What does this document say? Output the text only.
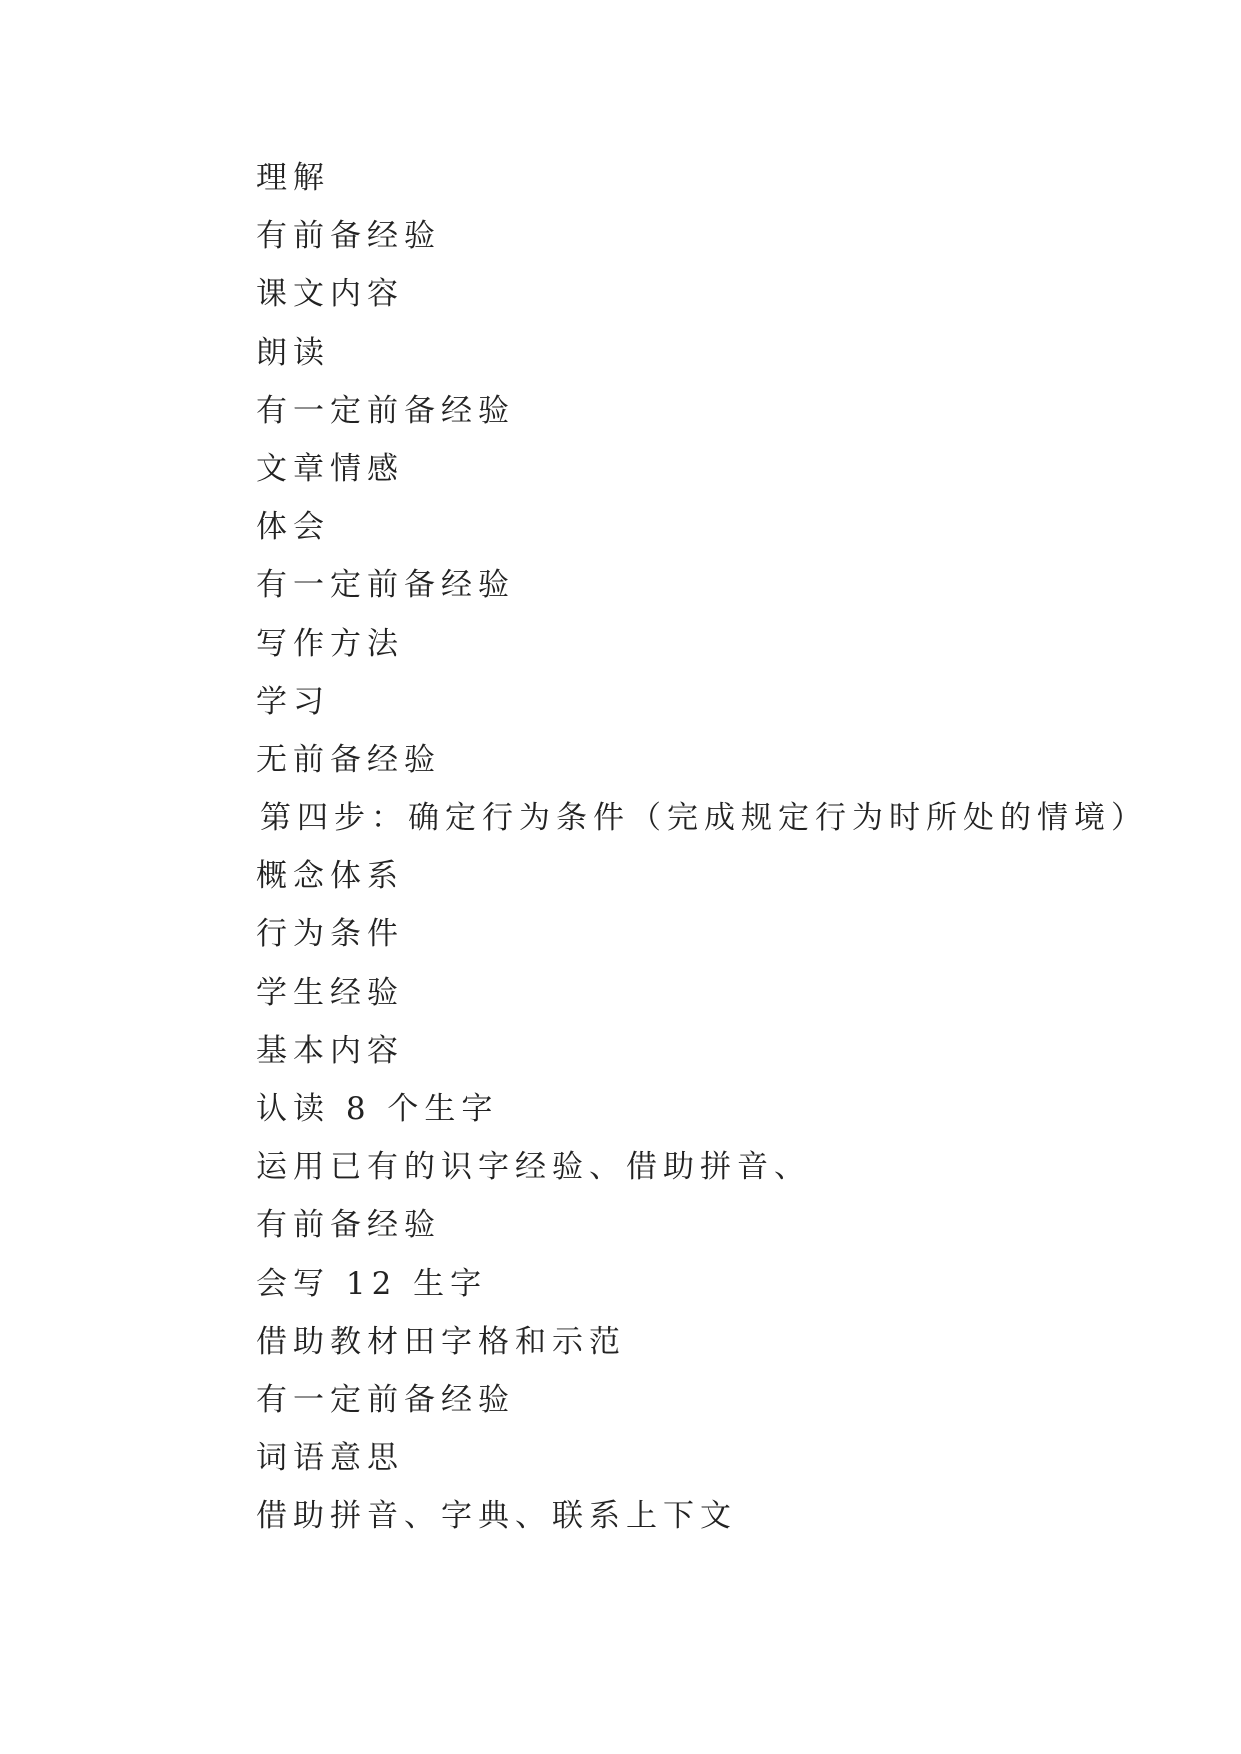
理解
有前备经验
课文内容
朗读
有一定前备经验
文章情感
体会
有一定前备经验
写作方法
学习
无前备经验
第四步：确定行为条件（完成规定行为时所处的情境）
概念体系
行为条件
学生经验
基本内容
认读 8 个生字
运用已有的识字经验、借助拼音、
有前备经验
会写 12 生字
借助教材田字格和示范
有一定前备经验
词语意思
借助拼音、字典、联系上下文
